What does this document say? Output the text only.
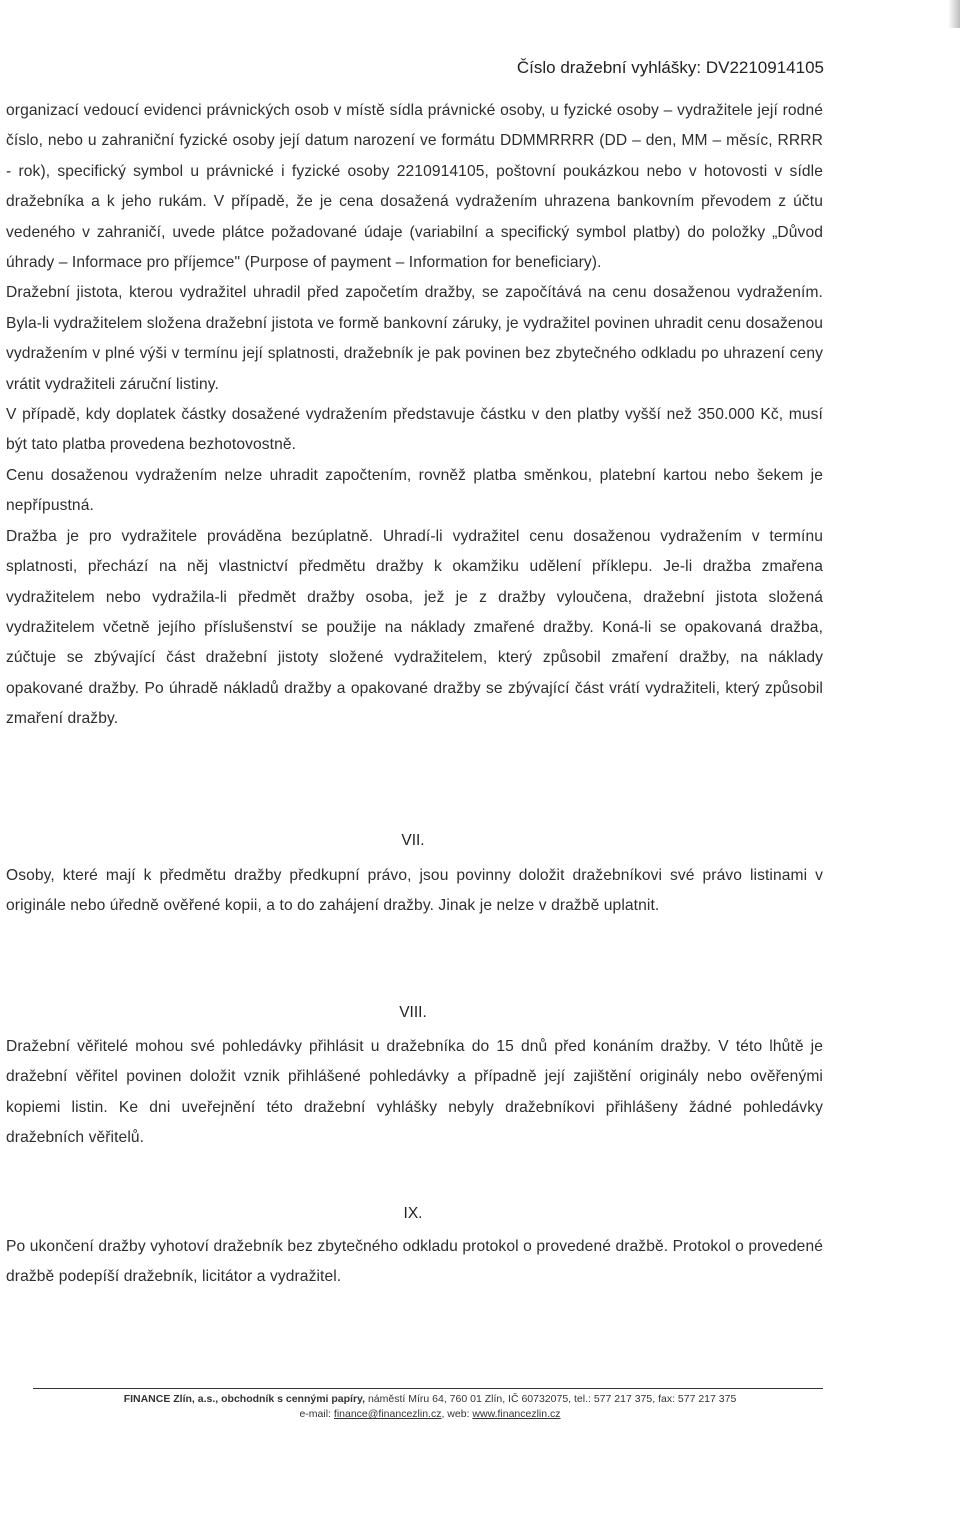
Číslo dražební vyhlášky: DV2210914105

organizací vedoucí evidenci právnických osob v místě sídla právnické osoby, u fyzické osoby – vydražitele její rodné číslo, nebo u zahraniční fyzické osoby její datum narození ve formátu DDMMRRRR (DD – den, MM – měsíc, RRRR - rok), specifický symbol u právnické i fyzické osoby 2210914105, poštovní poukázkou nebo v hotovosti v sídle dražebníka a k jeho rukám. V případě, že je cena dosažená vydražením uhrazena bankovním převodem z účtu vedeného v zahraničí, uvede plátce požadované údaje (variabilní a specifický symbol platby) do položky „Důvod úhrady – Informace pro příjemce" (Purpose of payment – Information for beneficiary).

Dražební jistota, kterou vydražitel uhradil před započetím dražby, se započítává na cenu dosaženou vydražením. Byla-li vydražitelem složena dražební jistota ve formě bankovní záruky, je vydražitel povinen uhradit cenu dosaženou vydražením v plné výši v termínu její splatnosti, dražebník je pak povinen bez zbytečného odkladu po uhrazení ceny vrátit vydražiteli záruční listiny.

V případě, kdy doplatek částky dosažené vydražením představuje částku v den platby vyšší než 350.000 Kč, musí být tato platba provedena bezhotovostně.

Cenu dosaženou vydražením nelze uhradit započtením, rovněž platba směnkou, platební kartou nebo šekem je nepřípustná.

Dražba je pro vydražitele prováděna bezúplatně. Uhradí-li vydražitel cenu dosaženou vydražením v termínu splatnosti, přechází na něj vlastnictví předmětu dražby k okamžiku udělení příklepu. Je-li dražba zmařena vydražitelem nebo vydražila-li předmět dražby osoba, jež je z dražby vyloučena, dražební jistota složená vydražitelem včetně jejího příslušenství se použije na náklady zmařené dražby. Koná-li se opakovaná dražba, zúčtuje se zbývající část dražební jistoty složené vydražitelem, který způsobil zmaření dražby, na náklady opakované dražby. Po úhradě nákladů dražby a opakované dražby se zbývající část vrátí vydražiteli, který způsobil zmaření dražby.

VII.

Osoby, které mají k předmětu dražby předkupní právo, jsou povinny doložit dražebníkovi své právo listinami v originále nebo úředně ověřené kopii, a to do zahájení dražby. Jinak je nelze v dražbě uplatnit.

VIII.

Dražební věřitelé mohou své pohledávky přihlásit u dražebníka do 15 dnů před konáním dražby. V této lhůtě je dražební věřitel povinen doložit vznik přihlášené pohledávky a případně její zajištění originály nebo ověřenými kopiemi listin. Ke dni uveřejnění této dražební vyhlášky nebyly dražebníkovi přihlášeny žádné pohledávky dražebních věřitelů.

IX.

Po ukončení dražby vyhotoví dražebník bez zbytečného odkladu protokol o provedené dražbě. Protokol o provedené dražbě podepíší dražebník, licitátor a vydražitel.

FINANCE Zlín, a.s., obchodník s cennými papíry, náměstí Míru 64, 760 01 Zlín, IČ 60732075, tel.: 577 217 375, fax: 577 217 375
e-mail: finance@financezlin.cz, web: www.financezlin.cz
